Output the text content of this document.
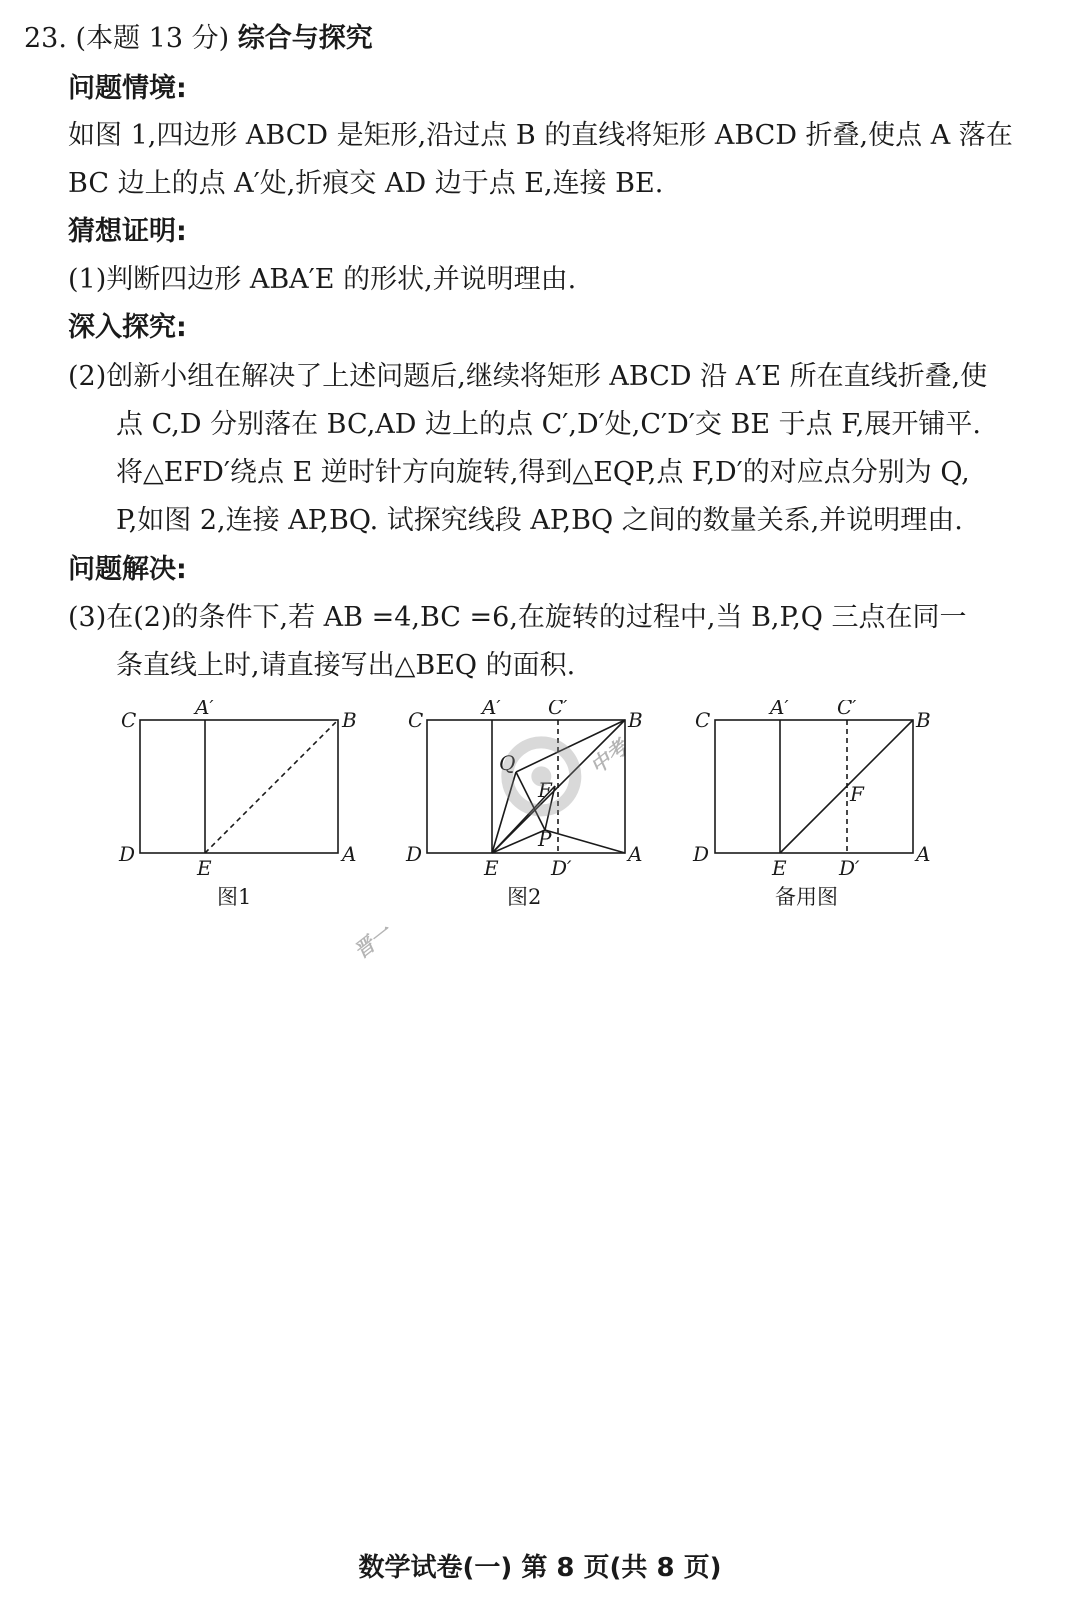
23. (本题 13 分) 综合与探究
问题情境:
如图 1,四边形 ABCD 是矩形,沿过点 B 的直线将矩形 ABCD 折叠,使点 A 落在
BC 边上的点 A′处,折痕交 AD 边于点 E,连接 BE.
猜想证明:
(1)判断四边形 ABA′E 的形状,并说明理由.
深入探究:
(2)创新小组在解决了上述问题后,继续将矩形 ABCD 沿 A′E 所在直线折叠,使
点 C,D 分别落在 BC,AD 边上的点 C′,D′处,C′D′交 BE 于点 F,展开铺平.
将△EFD′绕点 E 逆时针方向旋转,得到△EQP,点 F,D′的对应点分别为 Q,
P,如图 2,连接 AP,BQ. 试探究线段 AP,BQ 之间的数量关系,并说明理由.
问题解决:
(3)在(2)的条件下,若 AB =4,BC =6,在旋转的过程中,当 B,P,Q 三点在同一
条直线上时,请直接写出△BEQ 的面积.
C
A′
B
D
E
A
图1
C
A′ C′
B
Q
F
P
D
E	D′
A
图2
C
A′ C′
B
F
D
E	D′
A
备用图
晋一
中考
数学试卷(一) 第 8 页(共 8 页)
